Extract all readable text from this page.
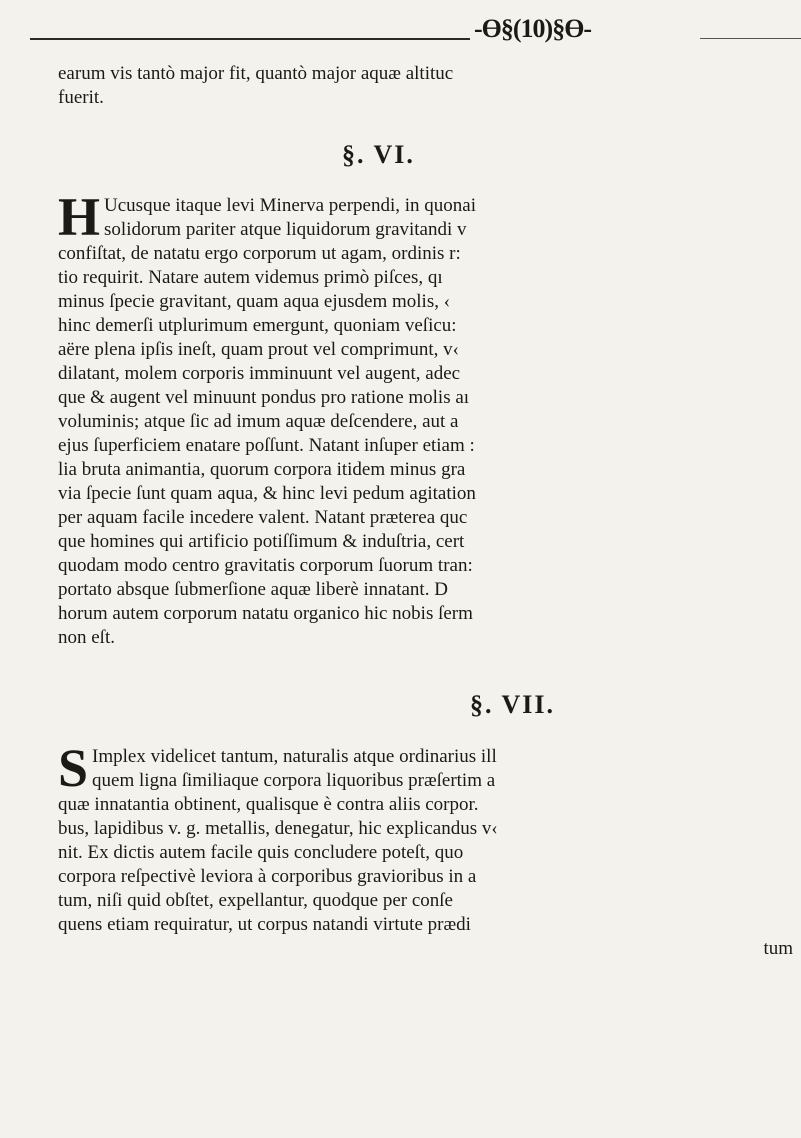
-Ɵ§(10)§Ɵ-
earum vis tantò major fit, quantò major aquæ altituc
fuerit.
§. VI.
H Ucusque itaque levi Minerva perpendi, in quonai
solidorum pariter atque liquidorum gravitandi v
confiſtat, de natatu ergo corporum ut agam, ordinis r:
tio requirit. Natare autem videmus primò piſces, qı
minus ſpecie gravitant, quam aqua ejusdem molis, ‹
hinc demerſi utplurimum emergunt, quoniam veſicu:
aëre plena ipſis ineſt, quam prout vel comprimunt, v‹
dilatant, molem corporis imminuunt vel augent, adec
que & augent vel minuunt pondus pro ratione molis aı
voluminis; atque ſic ad imum aquæ deſcendere, aut a
ejus ſuperficiem enatare poſſunt. Natant inſuper etiam :
lia bruta animantia, quorum corpora itidem minus gra
via ſpecie ſunt quam aqua, & hinc levi pedum agitation
per aquam facile incedere valent. Natant præterea quc
que homines qui artificio potiſſimum & induſtria, cert
quodam modo centro gravitatis corporum ſuorum tran:
portato absque ſubmerſione aquæ liberè innatant. D
horum autem corporum natatu organico hic nobis ſerm
non eſt.
§. VII.
S Implex videlicet tantum, naturalis atque ordinarius ill
quem ligna ſimiliaque corpora liquoribus præſertim a
quæ innatantia obtinent, qualisque è contra aliis corpor.
bus, lapidibus v. g. metallis, denegatur, hic explicandus v‹
nit. Ex dictis autem facile quis concludere poteſt, quo
corpora reſpectivè leviora à corporibus gravioribus in a
tum, niſi quid obſtet, expellantur, quodque per conſe
quens etiam requiratur, ut corpus natandi virtute prædi
tum
